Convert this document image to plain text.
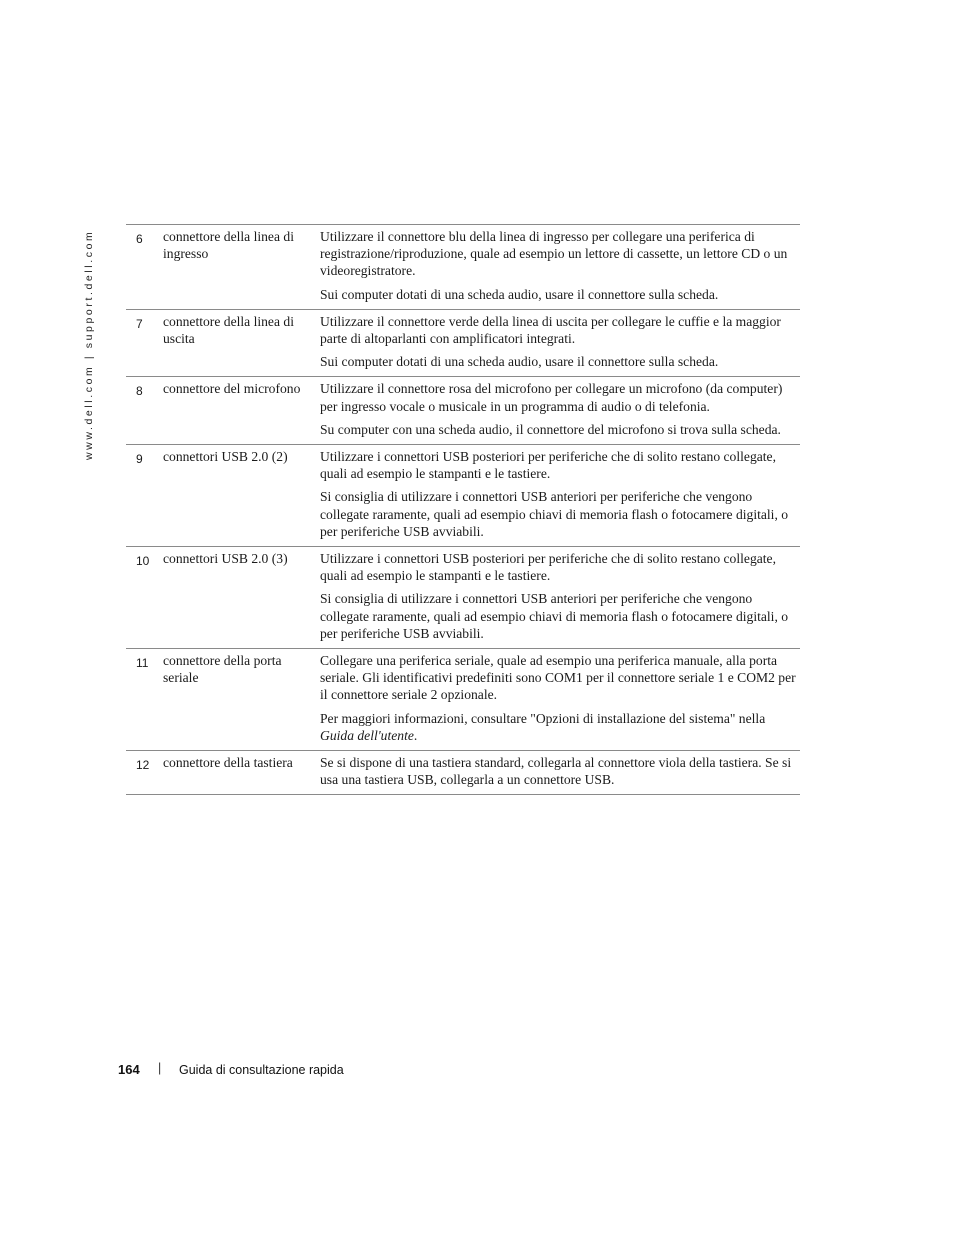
www.dell.com | support.dell.com	6	connettore della linea di ingresso	Utilizzare il connettore blu della linea di ingresso per collegare una periferica di registrazione/riproduzione, quale ad esempio un lettore di cassette, un lettore CD o un videoregistratore.

Sui computer dotati di una scheda audio, usare il connettore sulla scheda.

7	connettore della linea di uscita	Utilizzare il connettore verde della linea di uscita per collegare le cuffie e la maggior parte di altoparlanti con amplificatori integrati.

Sui computer dotati di una scheda audio, usare il connettore sulla scheda.

8	connettore del microfono	Utilizzare il connettore rosa del microfono per collegare un microfono (da computer) per ingresso vocale o musicale in un programma di audio o di telefonia.

Su computer con una scheda audio, il connettore del microfono si trova sulla scheda.

9	connettori USB 2.0 (2)	Utilizzare i connettori USB posteriori per periferiche che di solito restano collegate, quali ad esempio le stampanti e le tastiere.

Si consiglia di utilizzare i connettori USB anteriori per periferiche che vengono collegate raramente, quali ad esempio chiavi di memoria flash o fotocamere digitali, o per periferiche USB avviabili.

10	connettori USB 2.0 (3)	Utilizzare i connettori USB posteriori per periferiche che di solito restano collegate, quali ad esempio le stampanti e le tastiere.

Si consiglia di utilizzare i connettori USB anteriori per periferiche che vengono collegate raramente, quali ad esempio chiavi di memoria flash o fotocamere digitali, o per periferiche USB avviabili.

11	connettore della porta seriale	Collegare una periferica seriale, quale ad esempio una periferica manuale, alla porta seriale. Gli identificativi predefiniti sono COM1 per il connettore seriale 1 e COM2 per il connettore seriale 2 opzionale.

Per maggiori informazioni, consultare "Opzioni di installazione del sistema" nella Guida dell'utente.

12	connettore della tastiera	Se si dispone di una tastiera standard, collegarla al connettore viola della tastiera. Se si usa una tastiera USB, collegarla a un connettore USB.

164 | Guida di consultazione rapida
